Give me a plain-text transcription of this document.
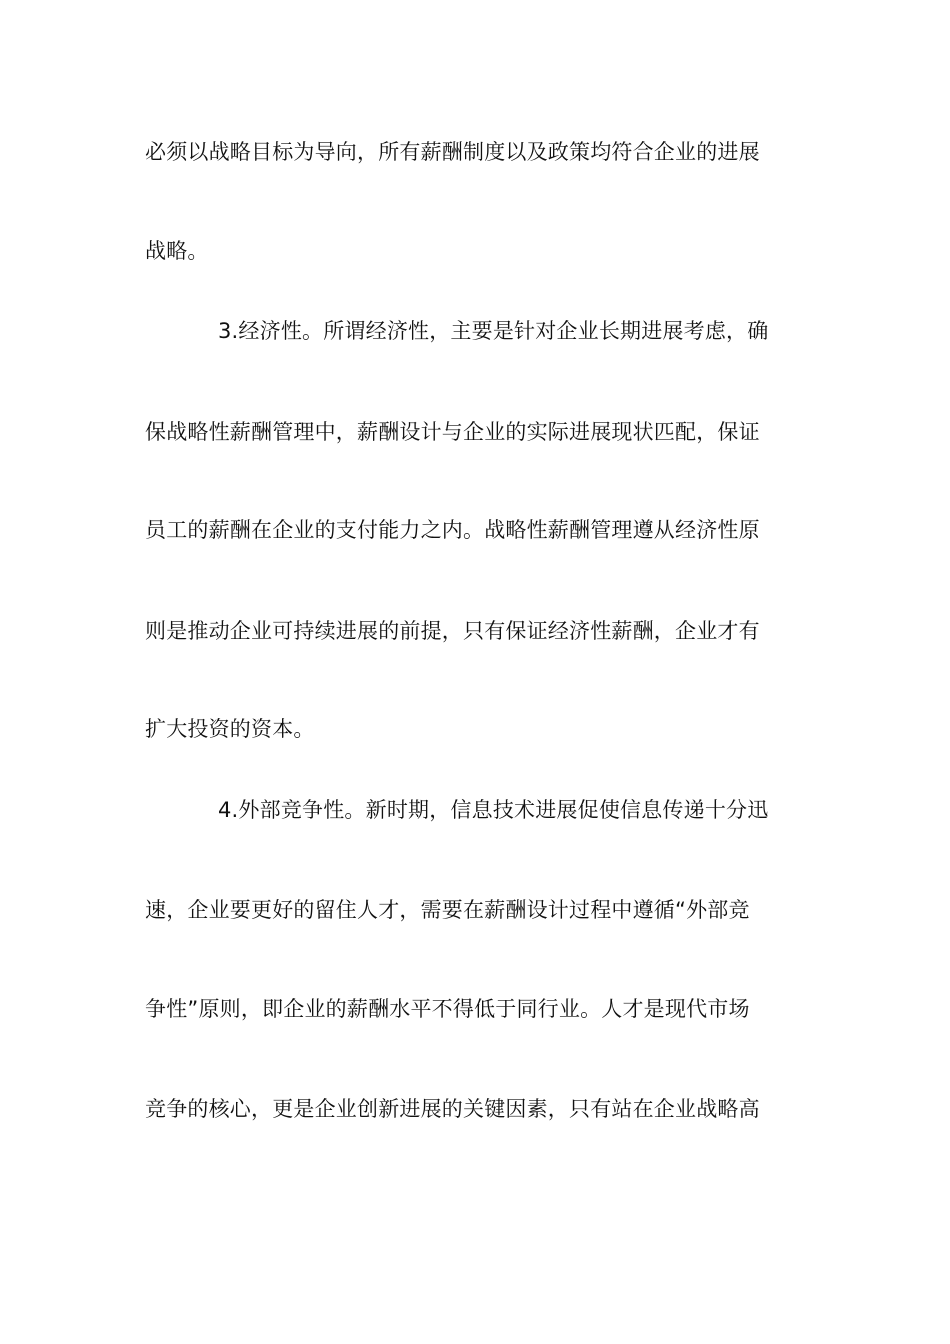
必须以战略目标为导向，所有薪酬制度以及政策均符合企业的进展
战略。
3.经济性。所谓经济性，主要是针对企业长期进展考虑，确
保战略性薪酬管理中，薪酬设计与企业的实际进展现状匹配，保证
员工的薪酬在企业的支付能力之内。战略性薪酬管理遵从经济性原
则是推动企业可持续进展的前提，只有保证经济性薪酬，企业才有
扩大投资的资本。
4.外部竞争性。新时期，信息技术进展促使信息传递十分迅
速，企业要更好的留住人才，需要在薪酬设计过程中遵循“外部竞
争性”原则，即企业的薪酬水平不得低于同行业。人才是现代市场
竞争的核心，更是企业创新进展的关键因素，只有站在企业战略高
